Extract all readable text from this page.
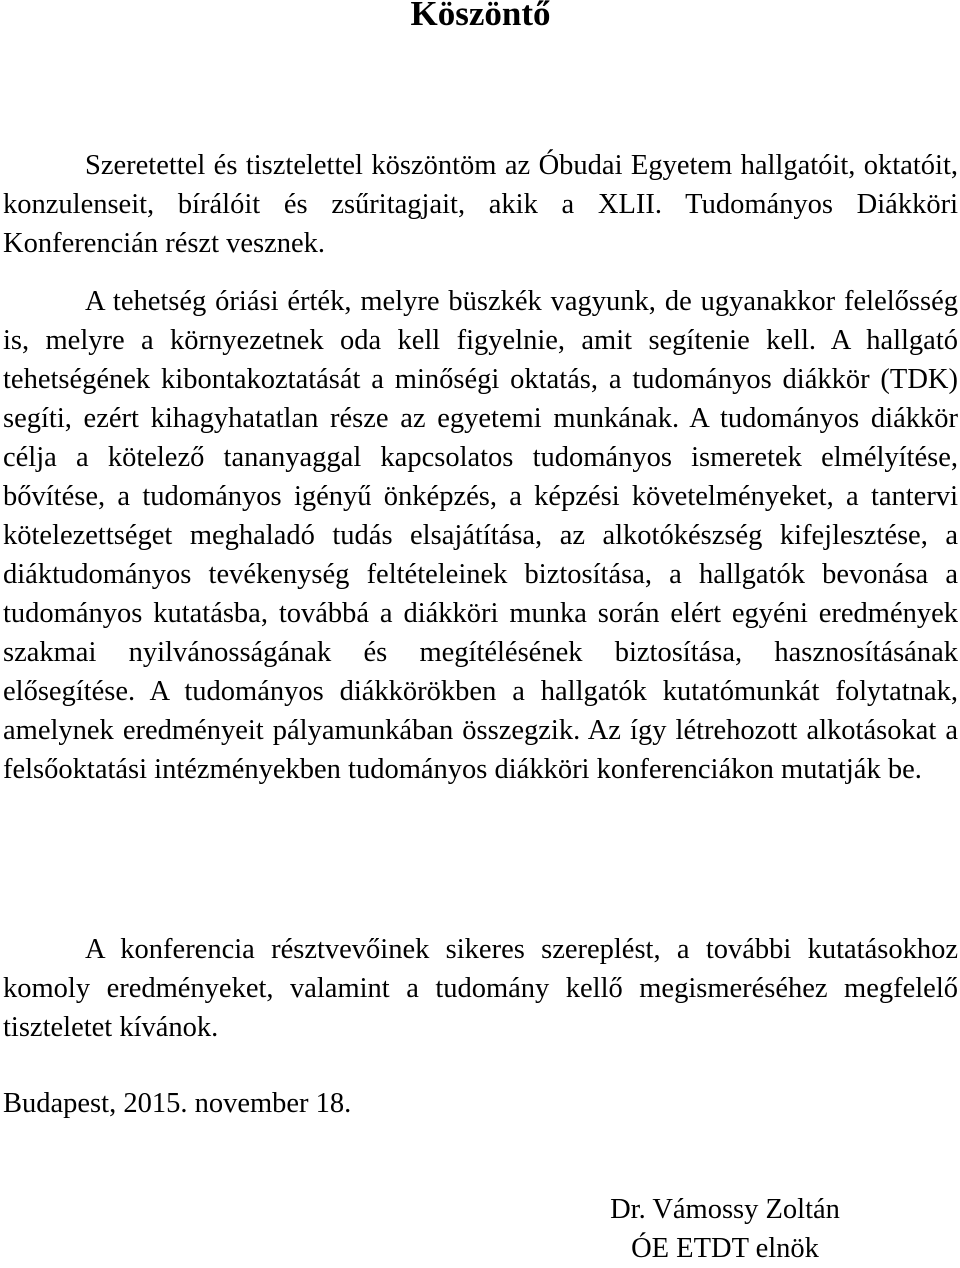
Köszöntő

Szeretettel és tisztelettel köszöntöm az Óbudai Egyetem hallgatóit, oktatóit, konzulenseit, bírálóit és zsűritagjait, akik a XLII. Tudományos Diákköri Konferencián részt vesznek.

A tehetség óriási érték, melyre büszkék vagyunk, de ugyanakkor felelősség is, melyre a környezetnek oda kell figyelnie, amit segítenie kell. A hallgató tehetségének kibontakoztatását a minőségi oktatás, a tudományos diákkör (TDK) segíti, ezért kihagyhatatlan része az egyetemi munkának. A tudományos diákkör célja a kötelező tananyaggal kapcsolatos tudományos ismeretek elmélyítése, bővítése, a tudományos igényű önképzés, a képzési követelményeket, a tantervi kötelezettséget meghaladó tudás elsajátítása, az alkotókészség kifejlesztése, a diáktudományos tevékenység feltételeinek biztosítása, a hallgatók bevonása a tudományos kutatásba, továbbá a diákköri munka során elért egyéni eredmények szakmai nyilvánosságának és megítélésének biztosítása, hasznosításának elősegítése. A tudományos diákkörökben a hallgatók kutatómunkát folytatnak, amelynek eredményeit pályamunkában összegzik. Az így létrehozott alkotásokat a felsőoktatási intézményekben tudományos diákköri konferenciákon mutatják be.

A konferencia résztvevőinek sikeres szereplést, a további kutatásokhoz komoly eredményeket, valamint a tudomány kellő megismeréséhez megfelelő tiszteletet kívánok.

Budapest, 2015. november 18.

Dr. Vámossy Zoltán
ÓE ETDT elnök
